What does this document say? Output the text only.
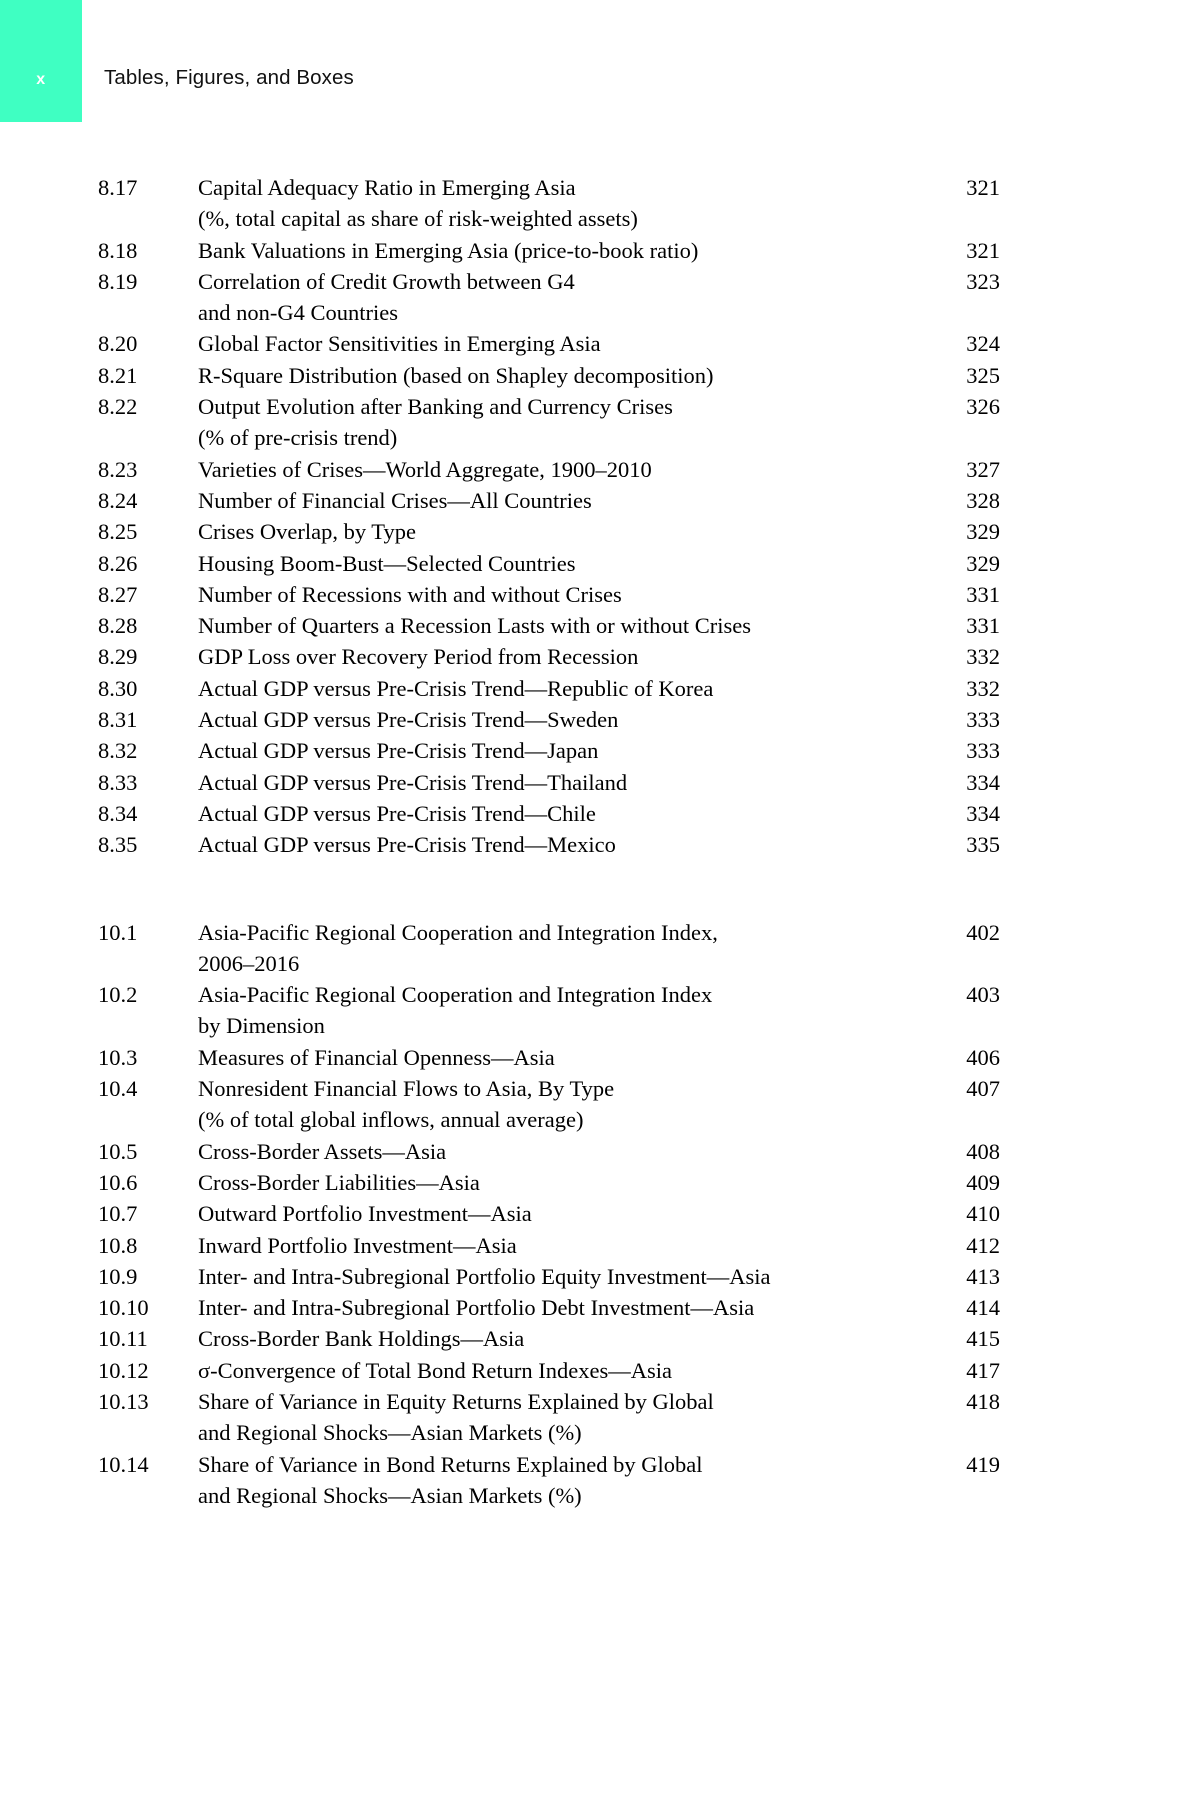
x	Tables, Figures, and Boxes
8.17	Capital Adequacy Ratio in Emerging Asia	321
(%, total capital as share of risk-weighted assets)
8.18	Bank Valuations in Emerging Asia (price-to-book ratio)	321
8.19	Correlation of Credit Growth between G4	323
and non-G4 Countries
8.20	Global Factor Sensitivities in Emerging Asia	324
8.21	R-Square Distribution (based on Shapley decomposition)	325
8.22	Output Evolution after Banking and Currency Crises	326
(% of pre-crisis trend)
8.23	Varieties of Crises—World Aggregate, 1900–2010	327
8.24	Number of Financial Crises—All Countries	328
8.25	Crises Overlap, by Type	329
8.26	Housing Boom-Bust—Selected Countries	329
8.27	Number of Recessions with and without Crises	331
8.28	Number of Quarters a Recession Lasts with or without Crises	331
8.29	GDP Loss over Recovery Period from Recession	332
8.30	Actual GDP versus Pre-Crisis Trend—Republic of Korea	332
8.31	Actual GDP versus Pre-Crisis Trend—Sweden	333
8.32	Actual GDP versus Pre-Crisis Trend—Japan	333
8.33	Actual GDP versus Pre-Crisis Trend—Thailand	334
8.34	Actual GDP versus Pre-Crisis Trend—Chile	334
8.35	Actual GDP versus Pre-Crisis Trend—Mexico	335
10.1	Asia-Pacific Regional Cooperation and Integration Index,	402
2006–2016
10.2	Asia-Pacific Regional Cooperation and Integration Index	403
by Dimension
10.3	Measures of Financial Openness—Asia	406
10.4	Nonresident Financial Flows to Asia, By Type	407
(% of total global inflows, annual average)
10.5	Cross-Border Assets—Asia	408
10.6	Cross-Border Liabilities—Asia	409
10.7	Outward Portfolio Investment—Asia	410
10.8	Inward Portfolio Investment—Asia	412
10.9	Inter- and Intra-Subregional Portfolio Equity Investment—Asia	413
10.10	Inter- and Intra-Subregional Portfolio Debt Investment—Asia	414
10.11	Cross-Border Bank Holdings—Asia	415
10.12	σ-Convergence of Total Bond Return Indexes—Asia	417
10.13	Share of Variance in Equity Returns Explained by Global	418
and Regional Shocks—Asian Markets (%)
10.14	Share of Variance in Bond Returns Explained by Global	419
and Regional Shocks—Asian Markets (%)
